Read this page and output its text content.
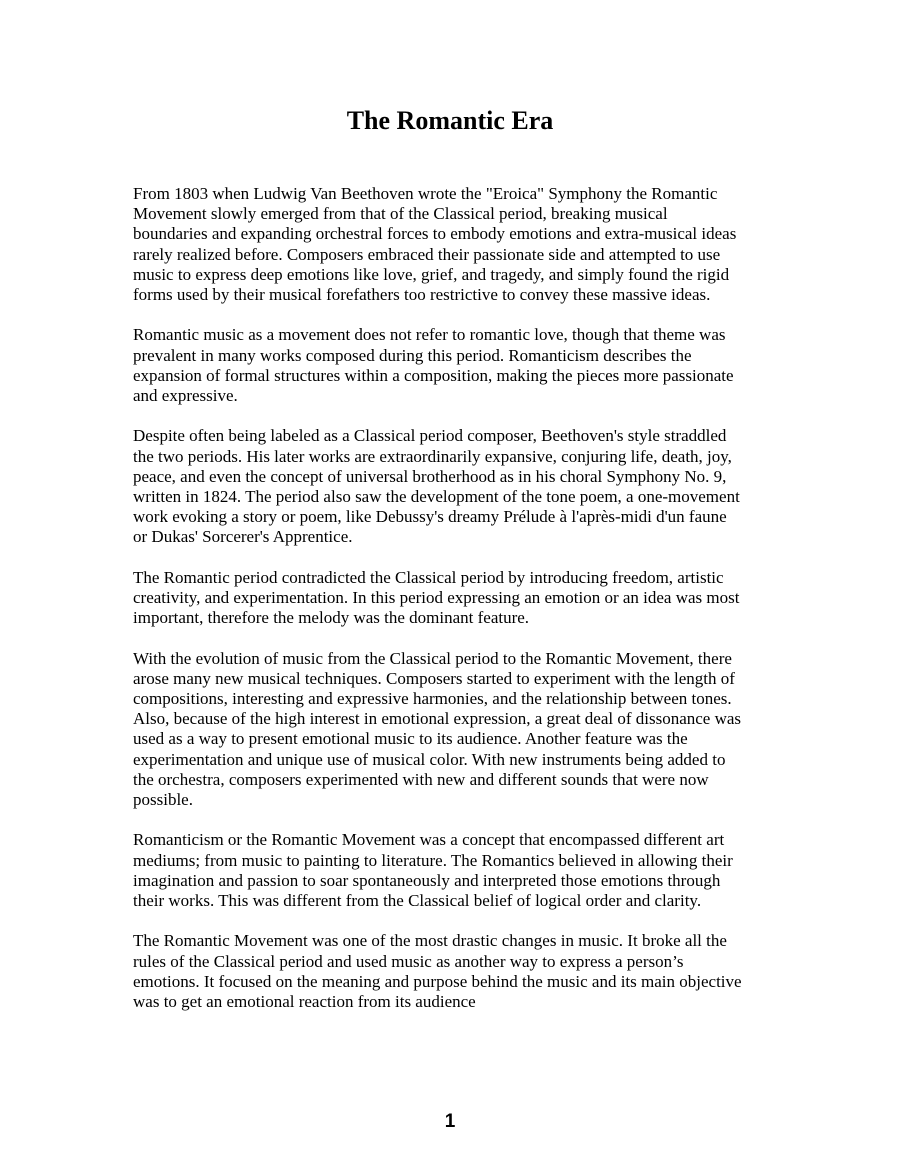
The Romantic Era

From 1803 when Ludwig Van Beethoven wrote the "Eroica" Symphony the Romantic
Movement slowly emerged from that of the Classical period, breaking musical
boundaries and expanding orchestral forces to embody emotions and extra-musical ideas
rarely realized before. Composers embraced their passionate side and attempted to use
music to express deep emotions like love, grief, and tragedy, and simply found the rigid
forms used by their musical forefathers too restrictive to convey these massive ideas.

Romantic music as a movement does not refer to romantic love, though that theme was
prevalent in many works composed during this period. Romanticism describes the
expansion of formal structures within a composition, making the pieces more passionate
and expressive.

Despite often being labeled as a Classical period composer, Beethoven's style straddled
the two periods. His later works are extraordinarily expansive, conjuring life, death, joy,
peace, and even the concept of universal brotherhood as in his choral Symphony No. 9,
written in 1824. The period also saw the development of the tone poem, a one-movement
work evoking a story or poem, like Debussy's dreamy Prélude à l'après-midi d'un faune
or Dukas' Sorcerer's Apprentice.

The Romantic period contradicted the Classical period by introducing freedom, artistic
creativity, and experimentation. In this period expressing an emotion or an idea was most
important, therefore the melody was the dominant feature.

With the evolution of music from the Classical period to the Romantic Movement, there
arose many new musical techniques. Composers started to experiment with the length of
compositions, interesting and expressive harmonies, and the relationship between tones.
Also, because of the high interest in emotional expression, a great deal of dissonance was
used as a way to present emotional music to its audience. Another feature was the
experimentation and unique use of musical color. With new instruments being added to
the orchestra, composers experimented with new and different sounds that were now
possible.

Romanticism or the Romantic Movement was a concept that encompassed different art
mediums; from music to painting to literature. The Romantics believed in allowing their
imagination and passion to soar spontaneously and interpreted those emotions through
their works. This was different from the Classical belief of logical order and clarity.

The Romantic Movement was one of the most drastic changes in music. It broke all the
rules of the Classical period and used music as another way to express a person’s
emotions. It focused on the meaning and purpose behind the music and its main objective
was to get an emotional reaction from its audience

1
